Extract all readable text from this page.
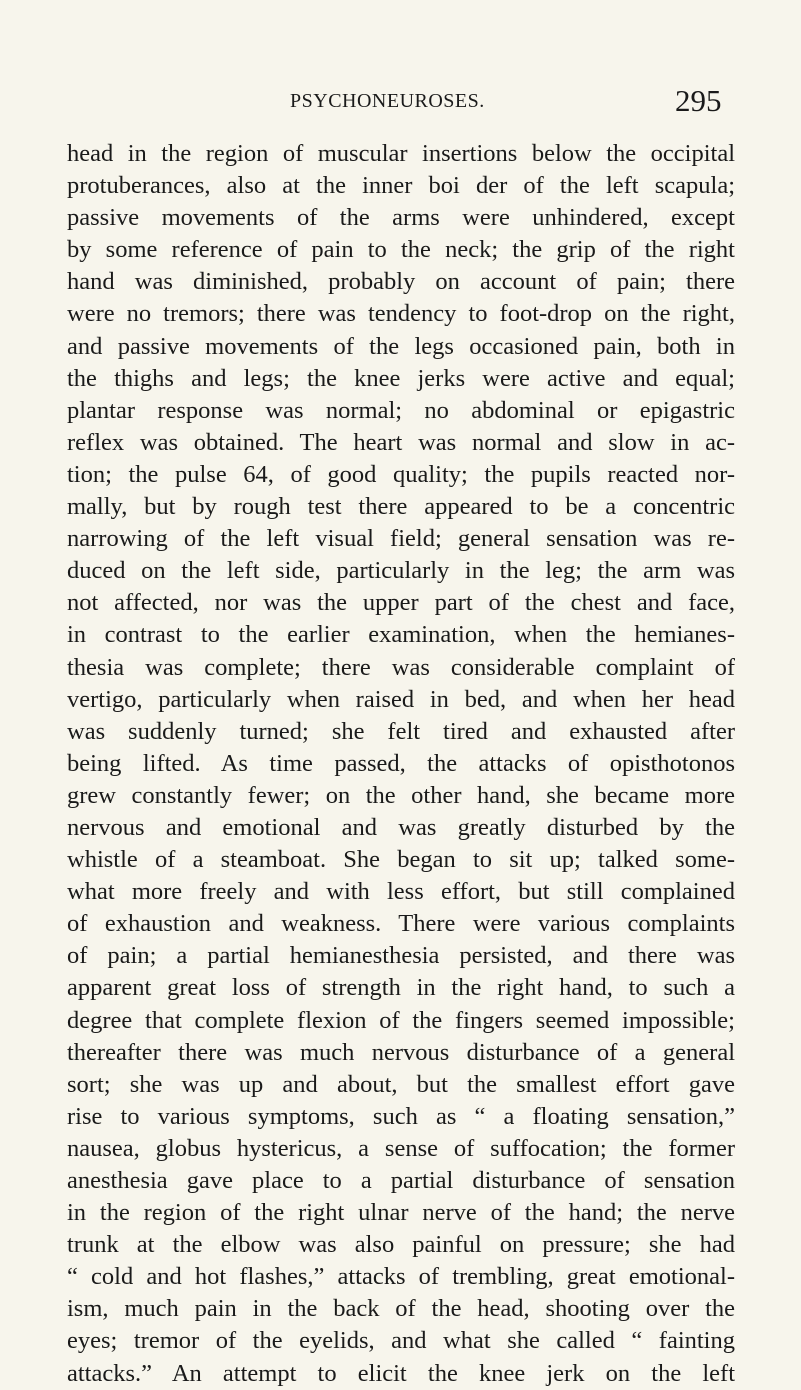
PSYCHONEUROSES.	295
head in the region of muscular insertions below the occipital
protuberances, also at the inner boi der of the left scapula;
passive movements of the arms were unhindered, except
by some reference of pain to the neck; the grip of the right
hand was diminished, probably on account of pain; there
were no tremors; there was tendency to foot-drop on the right,
and passive movements of the legs occasioned pain, both in
the thighs and legs; the knee jerks were active and equal;
plantar response was normal; no abdominal or epigastric
reflex was obtained. The heart was normal and slow in ac-
tion; the pulse 64, of good quality; the pupils reacted nor-
mally, but by rough test there appeared to be a concentric
narrowing of the left visual field; general sensation was re-
duced on the left side, particularly in the leg; the arm was
not affected, nor was the upper part of the chest and face,
in contrast to the earlier examination, when the hemianes-
thesia was complete; there was considerable complaint of
vertigo, particularly when raised in bed, and when her head
was suddenly turned; she felt tired and exhausted after
being lifted. As time passed, the attacks of opisthotonos
grew constantly fewer; on the other hand, she became more
nervous and emotional and was greatly disturbed by the
whistle of a steamboat. She began to sit up; talked some-
what more freely and with less effort, but still complained
of exhaustion and weakness. There were various complaints
of pain; a partial hemianesthesia persisted, and there was
apparent great loss of strength in the right hand, to such a
degree that complete flexion of the fingers seemed impossible;
thereafter there was much nervous disturbance of a general
sort; she was up and about, but the smallest effort gave
rise to various symptoms, such as “ a floating sensation,”
nausea, globus hystericus, a sense of suffocation; the former
anesthesia gave place to a partial disturbance of sensation
in the region of the right ulnar nerve of the hand; the nerve
trunk at the elbow was also painful on pressure; she had
“ cold and hot flashes,” attacks of trembling, great emotional-
ism, much pain in the back of the head, shooting over the
eyes; tremor of the eyelids, and what she called “ fainting
attacks.” An attempt to elicit the knee jerk on the left
